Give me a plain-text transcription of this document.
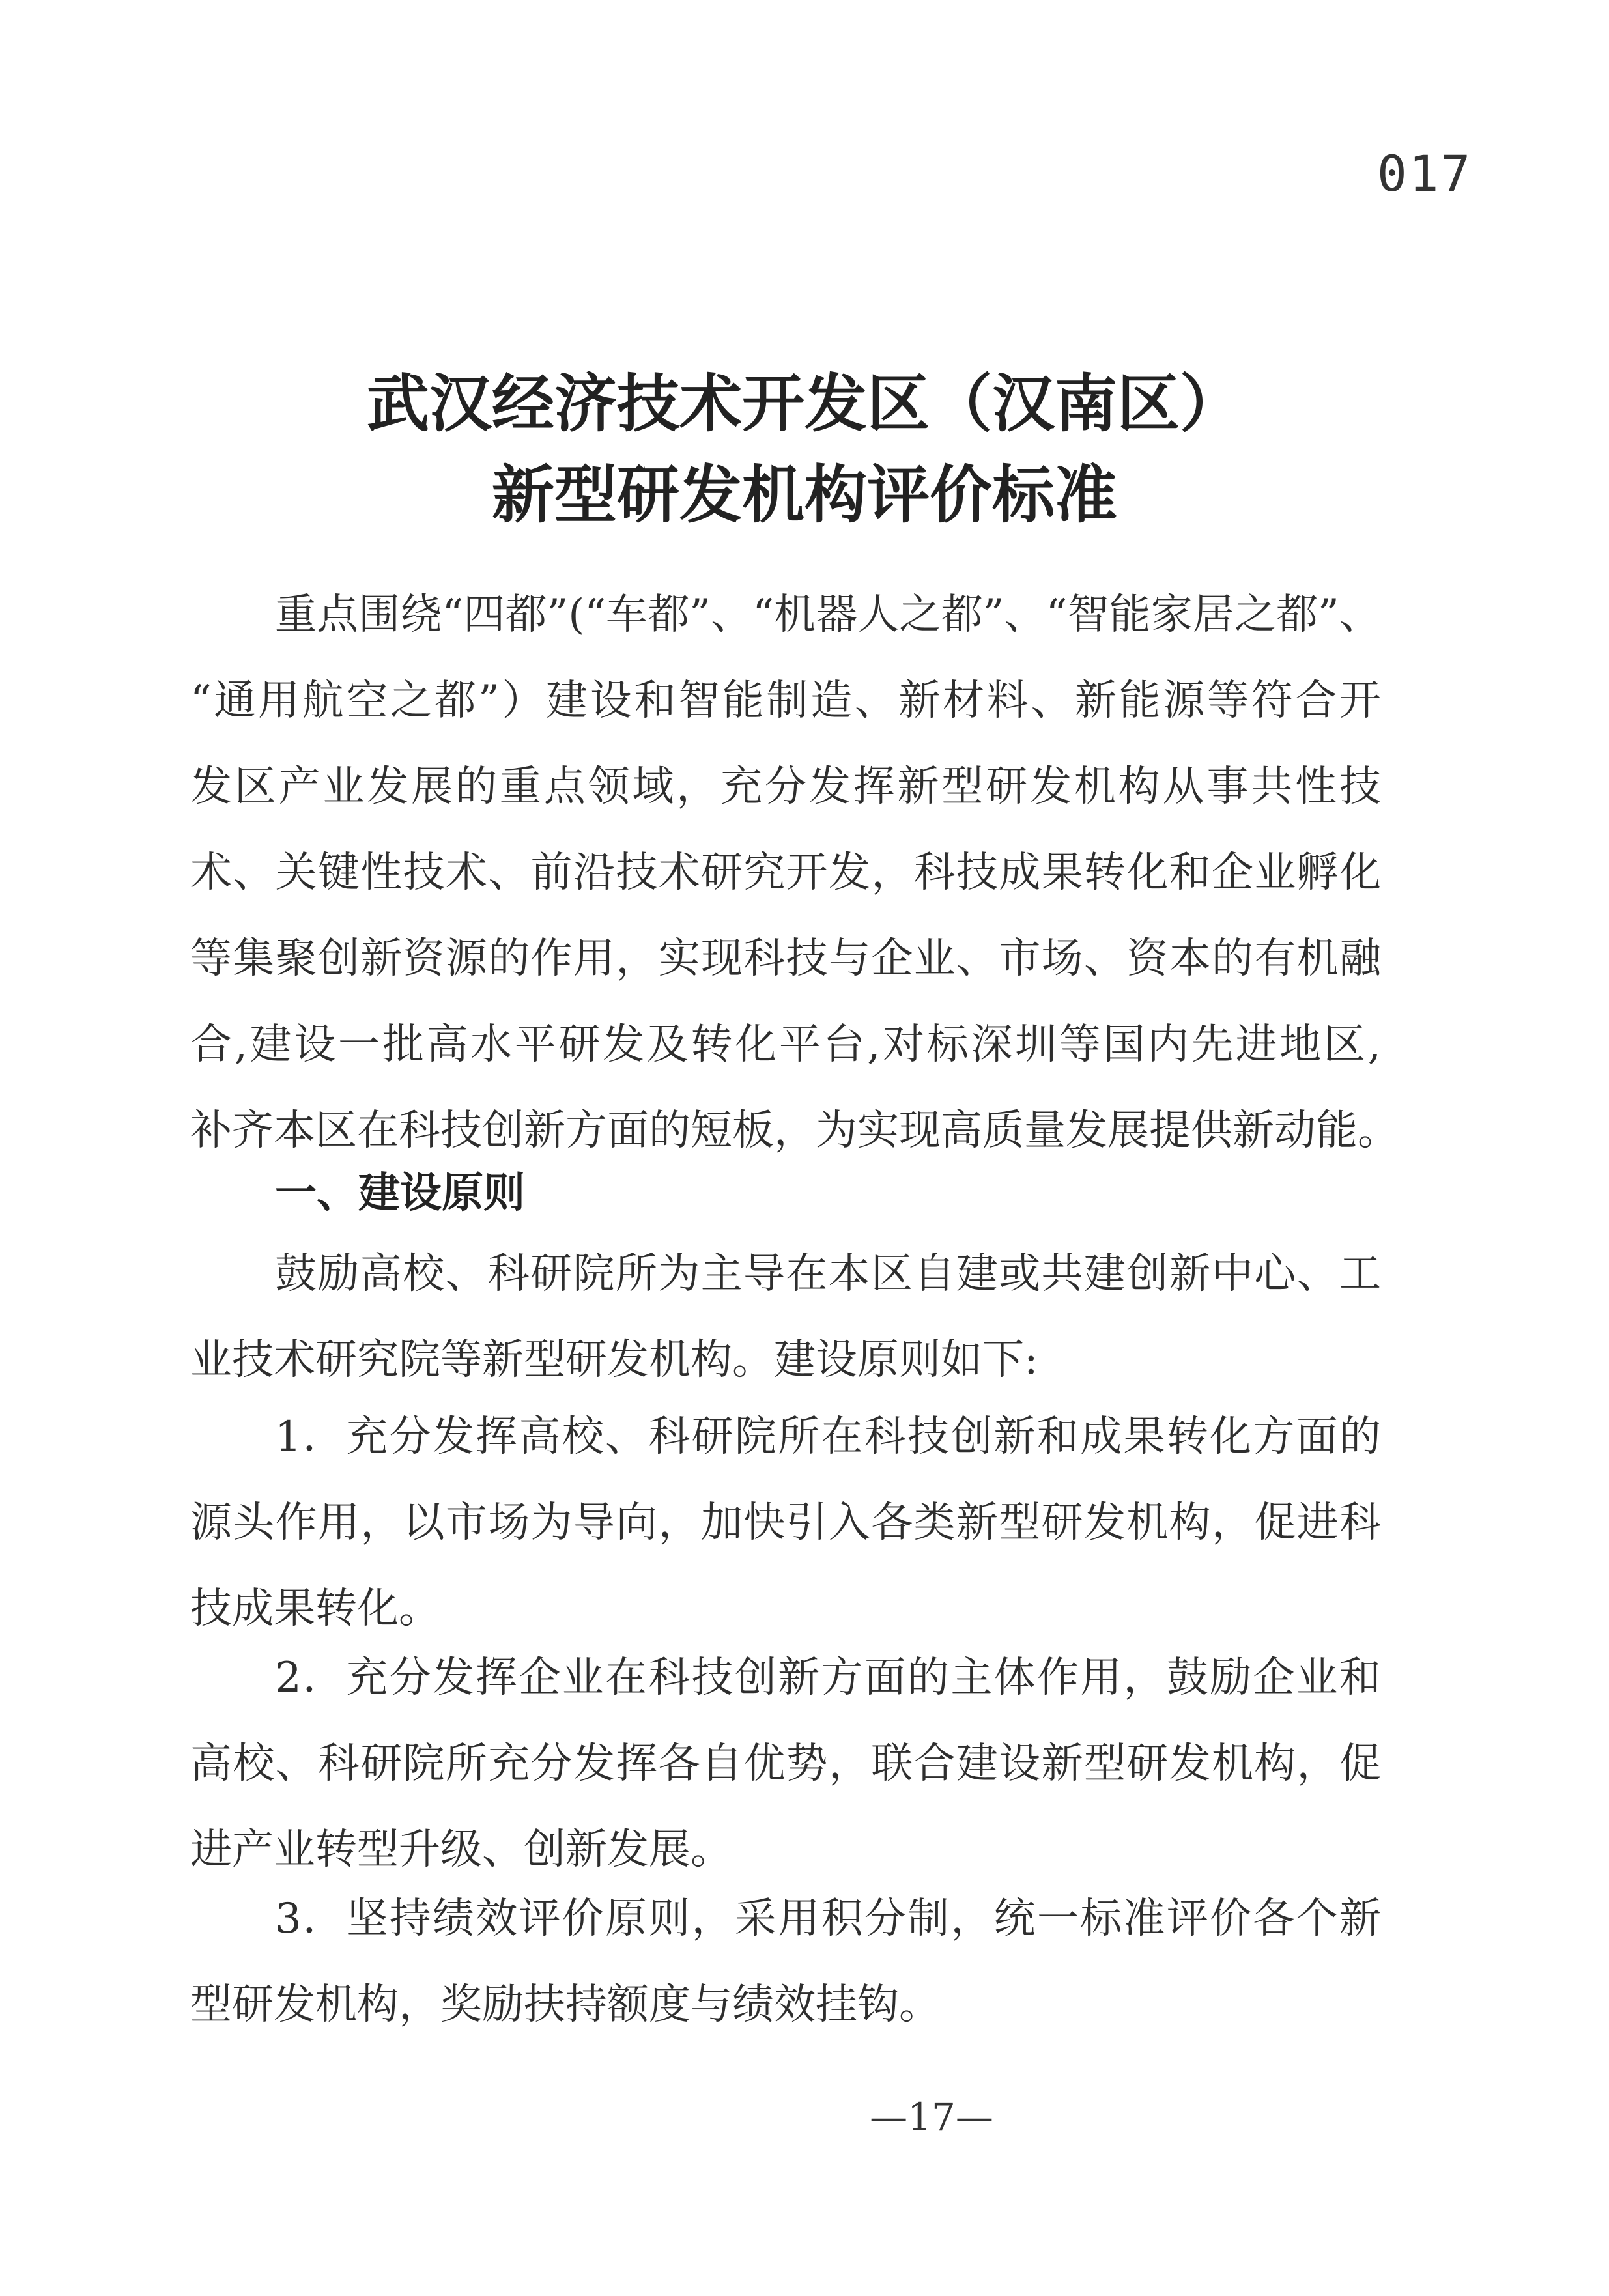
017
武汉经济技术开发区（汉南区）
新型研发机构评价标准
重点围绕“四都”(“车都”、“机器人之都”、“智能家居之都”、
“通用航空之都”）建设和智能制造、新材料、新能源等符合开
发区产业发展的重点领域，充分发挥新型研发机构从事共性技
术、关键性技术、前沿技术研究开发，科技成果转化和企业孵化
等集聚创新资源的作用，实现科技与企业、市场、资本的有机融
合,建设一批高水平研发及转化平台,对标深圳等国内先进地区,
补齐本区在科技创新方面的短板，为实现高质量发展提供新动能。
一、建设原则
鼓励高校、科研院所为主导在本区自建或共建创新中心、工
业技术研究院等新型研发机构。建设原则如下:
1．充分发挥高校、科研院所在科技创新和成果转化方面的
源头作用，以市场为导向，加快引入各类新型研发机构，促进科
技成果转化。
2．充分发挥企业在科技创新方面的主体作用，鼓励企业和
高校、科研院所充分发挥各自优势，联合建设新型研发机构，促
进产业转型升级、创新发展。
3．坚持绩效评价原则，采用积分制，统一标准评价各个新
型研发机构，奖励扶持额度与绩效挂钩。
—17—
